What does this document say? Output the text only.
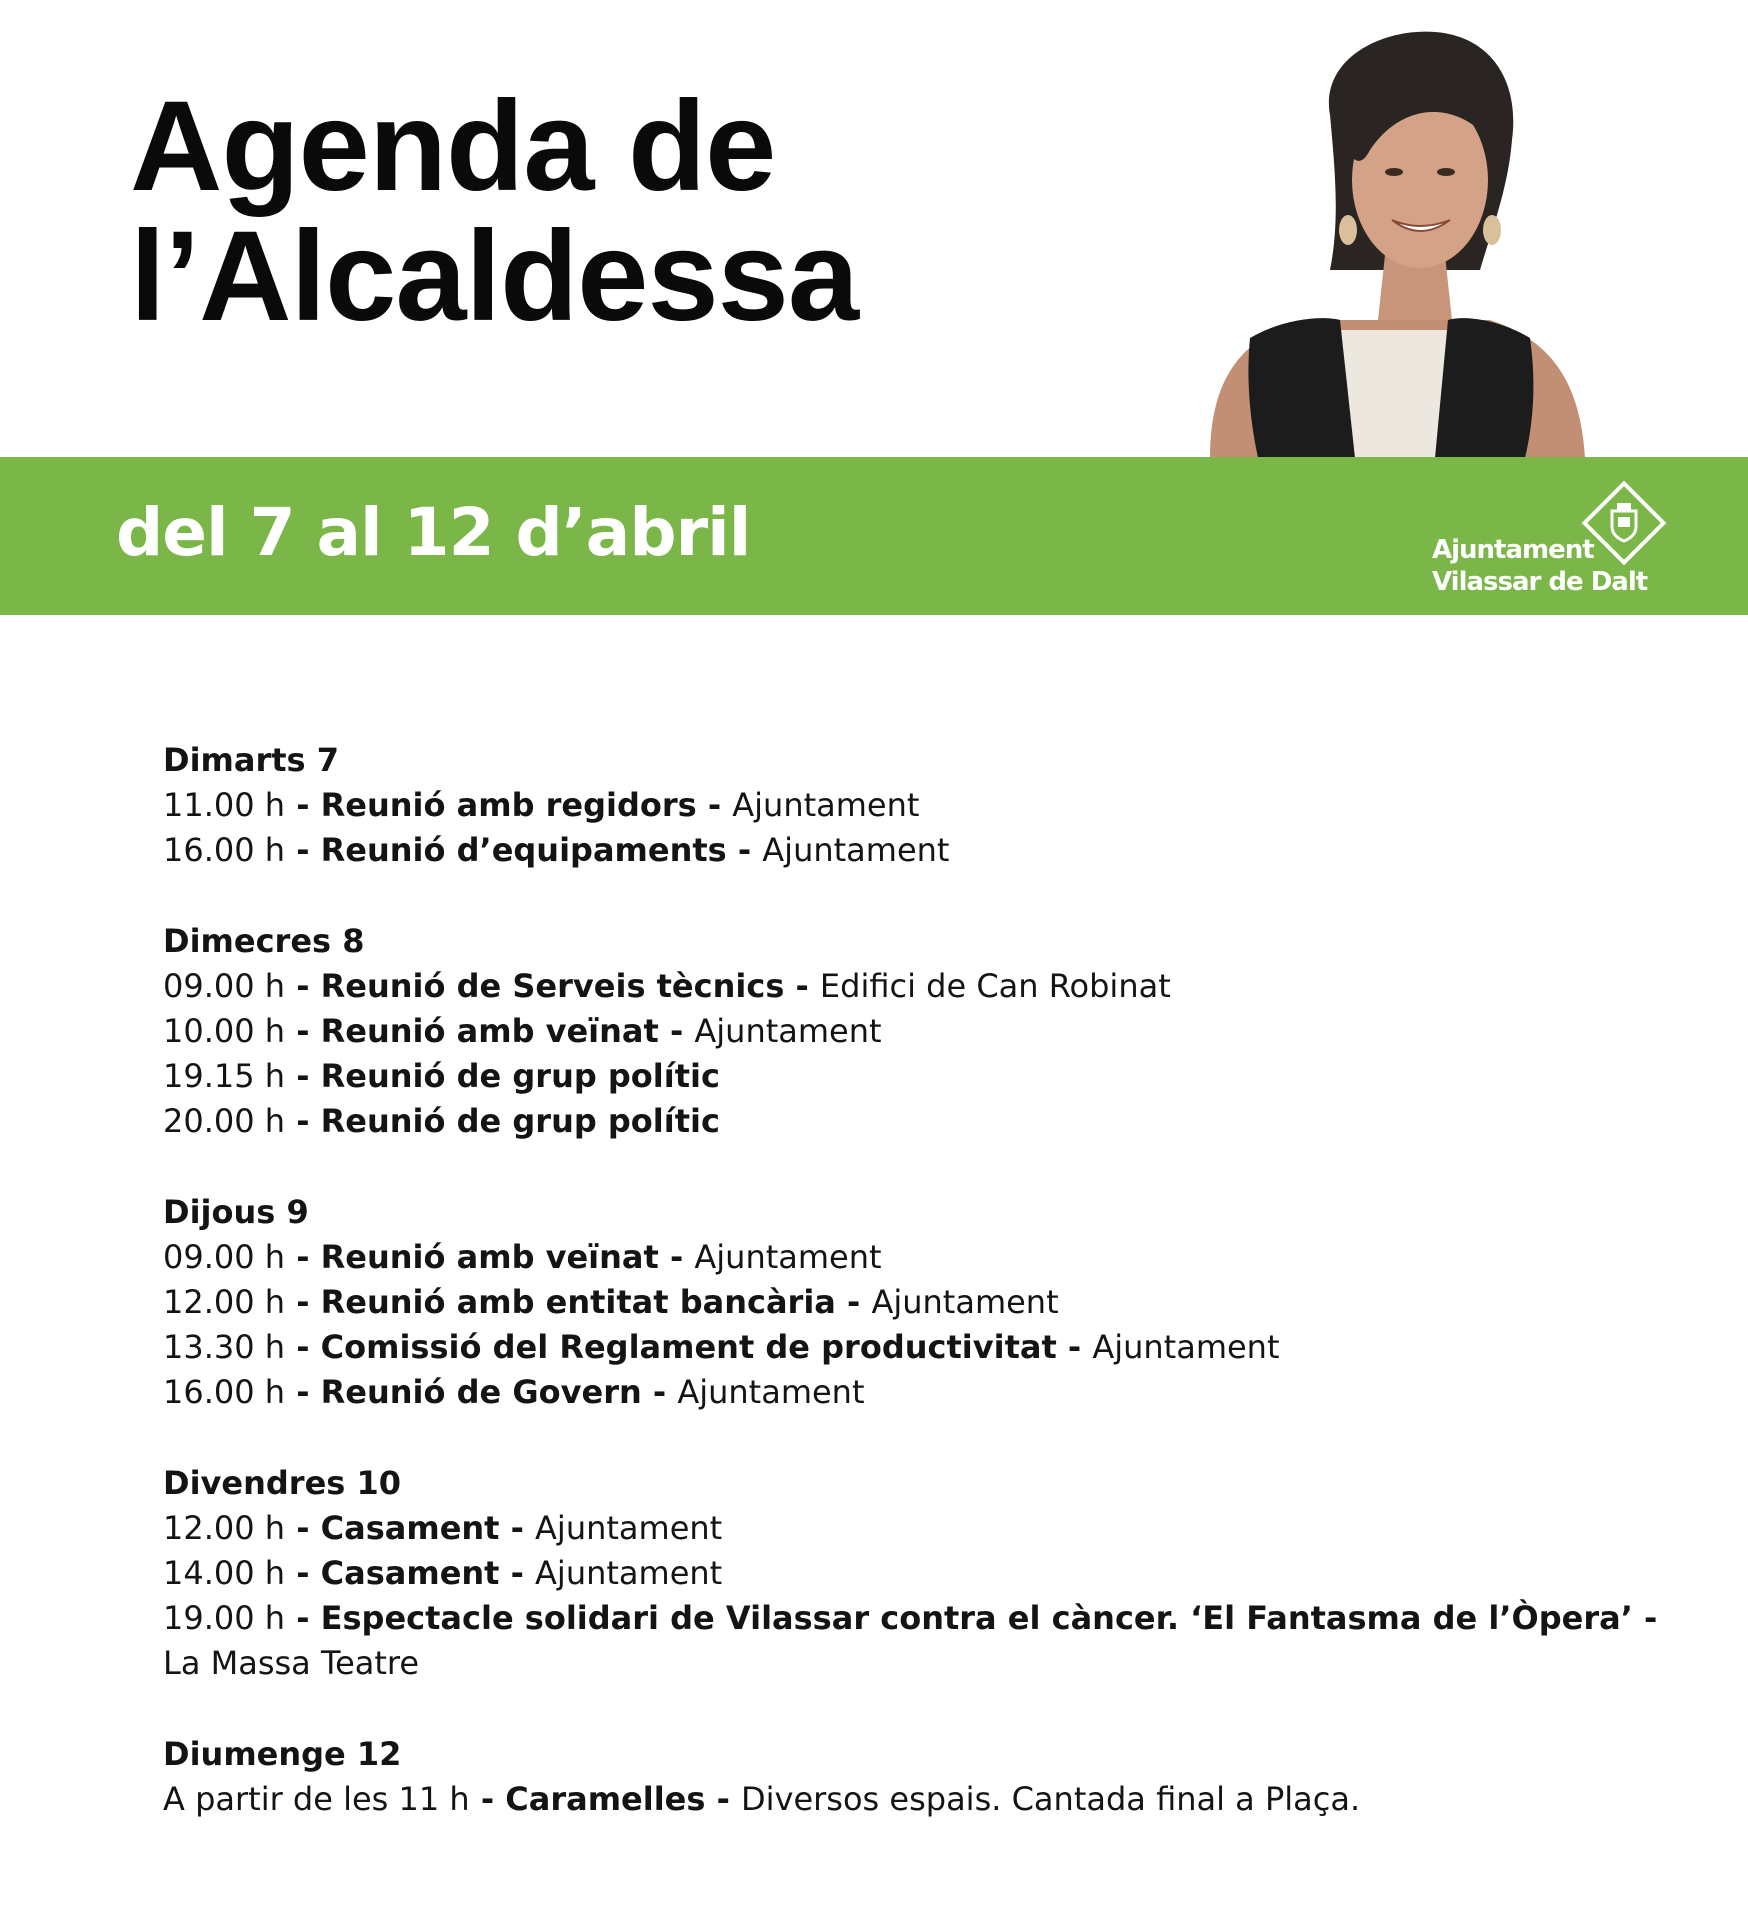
Agenda de
l’Alcaldessa

del 7 al 12 d’abril	Ajuntament
Vilassar de Dalt
Dimarts 7
11.00 h - Reunió amb regidors - Ajuntament
16.00 h - Reunió d’equipaments - Ajuntament
Dimecres 8
09.00 h - Reunió de Serveis tècnics - Edifici de Can Robinat
10.00 h - Reunió amb veïnat - Ajuntament
19.15 h - Reunió de grup polític
20.00 h - Reunió de grup polític
Dijous 9
09.00 h - Reunió amb veïnat - Ajuntament
12.00 h - Reunió amb entitat bancària - Ajuntament
13.30 h - Comissió del Reglament de productivitat - Ajuntament
16.00 h - Reunió de Govern - Ajuntament
Divendres 10
12.00 h - Casament - Ajuntament
14.00 h - Casament - Ajuntament
19.00 h - Espectacle solidari de Vilassar contra el càncer. ‘El Fantasma de l’Òpera’ -
La Massa Teatre
Diumenge 12
A partir de les 11 h - Caramelles - Diversos espais. Cantada final a Plaça.
